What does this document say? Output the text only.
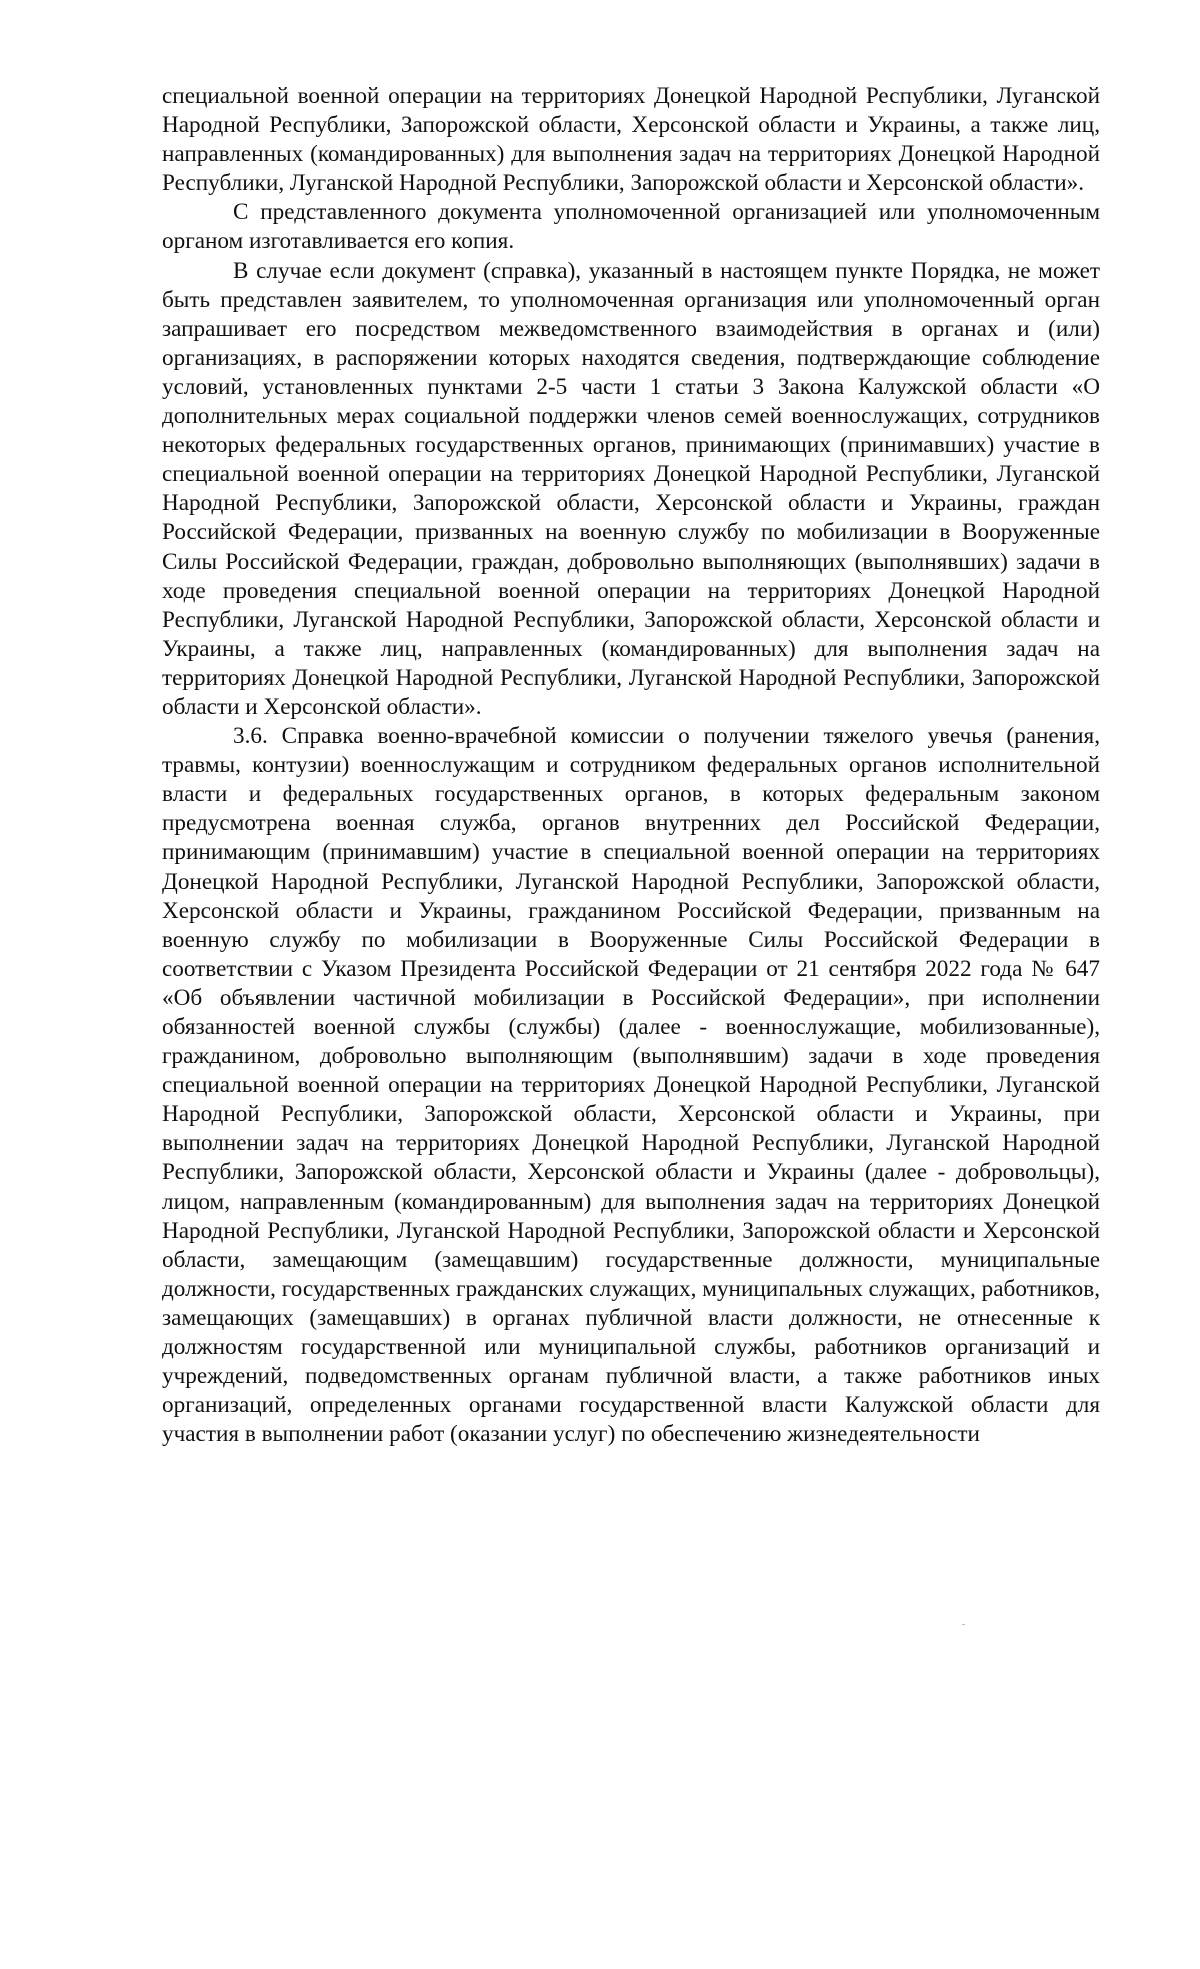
специальной военной операции на территориях Донецкой Народной Республики, Луганской Народной Республики, Запорожской области, Херсонской области и Украины, а также лиц, направленных (командированных) для выполнения задач на территориях Донецкой Народной Республики, Луганской Народной Республики, Запорожской области и Херсонской области».

С представленного документа уполномоченной организацией или уполномоченным органом изготавливается его копия.

В случае если документ (справка), указанный в настоящем пункте Порядка, не может быть представлен заявителем, то уполномоченная организация или уполномоченный орган запрашивает его посредством межведомственного взаимодействия в органах и (или) организациях, в распоряжении которых находятся сведения, подтверждающие соблюдение условий, установленных пунктами 2-5 части 1 статьи 3 Закона Калужской области «О дополнительных мерах социальной поддержки членов семей военнослужащих, сотрудников некоторых федеральных государственных органов, принимающих (принимавших) участие в специальной военной операции на территориях Донецкой Народной Республики, Луганской Народной Республики, Запорожской области, Херсонской области и Украины, граждан Российской Федерации, призванных на военную службу по мобилизации в Вооруженные Силы Российской Федерации, граждан, добровольно выполняющих (выполнявших) задачи в ходе проведения специальной военной операции на территориях Донецкой Народной Республики, Луганской Народной Республики, Запорожской области, Херсонской области и Украины, а также лиц, направленных (командированных) для выполнения задач на территориях Донецкой Народной Республики, Луганской Народной Республики, Запорожской области и Херсонской области».

3.6. Справка военно-врачебной комиссии о получении тяжелого увечья (ранения, травмы, контузии) военнослужащим и сотрудником федеральных органов исполнительной власти и федеральных государственных органов, в которых федеральным законом предусмотрена военная служба, органов внутренних дел Российской Федерации, принимающим (принимавшим) участие в специальной военной операции на территориях Донецкой Народной Республики, Луганской Народной Республики, Запорожской области, Херсонской области и Украины, гражданином Российской Федерации, призванным на военную службу по мобилизации в Вооруженные Силы Российской Федерации в соответствии с Указом Президента Российской Федерации от 21 сентября 2022 года № 647 «Об объявлении частичной мобилизации в Российской Федерации», при исполнении обязанностей военной службы (службы) (далее - военнослужащие, мобилизованные), гражданином, добровольно выполняющим (выполнявшим) задачи в ходе проведения специальной военной операции на территориях Донецкой Народной Республики, Луганской Народной Республики, Запорожской области, Херсонской области и Украины, при выполнении задач на территориях Донецкой Народной Республики, Луганской Народной Республики, Запорожской области, Херсонской области и Украины (далее - добровольцы), лицом, направленным (командированным) для выполнения задач на территориях Донецкой Народной Республики, Луганской Народной Республики, Запорожской области и Херсонской области, замещающим (замещавшим) государственные должности, муниципальные должности, государственных гражданских служащих, муниципальных служащих, работников, замещающих (замещавших) в органах публичной власти должности, не отнесенные к должностям государственной или муниципальной службы, работников организаций и учреждений, подведомственных органам публичной власти, а также работников иных организаций, определенных органами государственной власти Калужской области для участия в выполнении работ (оказании услуг) по обеспечению жизнедеятельности
